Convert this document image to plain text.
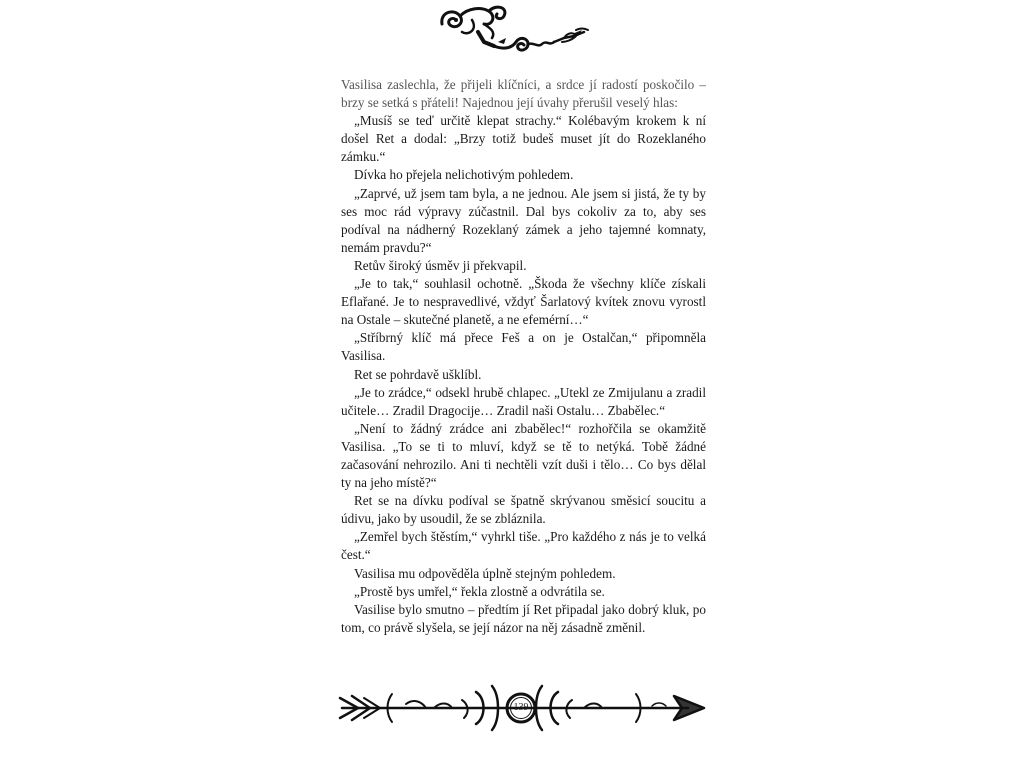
Vasilisa zaslechla, že přijeli klíčníci, a srdce jí radostí poskočilo – brzy se setká s přáteli! Najednou její úvahy přerušil veselý hlas:

„Musíš se teď určitě klepat strachy.“ Kolébavým krokem k ní došel Ret a dodal: „Brzy totiž budeš muset jít do Rozeklaného zámku.“

Dívka ho přejela nelichotivým pohledem.

„Zaprvé, už jsem tam byla, a ne jednou. Ale jsem si jistá, že ty by ses moc rád výpravy zúčastnil. Dal bys cokoliv za to, aby ses podíval na nádherný Rozeklaný zámek a jeho tajemné komnaty, nemám pravdu?“

Retův široký úsměv ji překvapil.

„Je to tak,“ souhlasil ochotně. „Škoda že všechny klíče získali Eflařané. Je to nespravedlivé, vždyť Šarlatový kvítek znovu vyrostl na Ostale – skutečné planetě, a ne efemérní…“

„Stříbrný klíč má přece Feš a on je Ostalčan,“ připomněla Vasilisa.

Ret se pohrdavě ušklíbl.

„Je to zrádce,“ odsekl hrubě chlapec. „Utekl ze Zmijulanu a zradil učitele… Zradil Dragocije… Zradil naši Ostalu… Zbabělec.“

„Není to žádný zrádce ani zbabělec!“ rozhořčila se okamžitě Vasilisa. „To se ti to mluví, když se tě to netýká. Tobě žádné začasování nehrozilo. Ani ti nechtěli vzít duši i tělo… Co bys dělal ty na jeho místě?“

Ret se na dívku podíval se špatně skrývanou směsicí soucitu a údivu, jako by usoudil, že se zbláznila.

„Zemřel bych štěstím,“ vyhrkl tiše. „Pro každého z nás je to velká čest.“

Vasilisa mu odpověděla úplně stejným pohledem.

„Prostě bys umřel,“ řekla zlostně a odvrátila se.

Vasilise bylo smutno – předtím jí Ret připadal jako dobrý kluk, po tom, co právě slyšela, se její názor na něj zásadně změnil.

139
